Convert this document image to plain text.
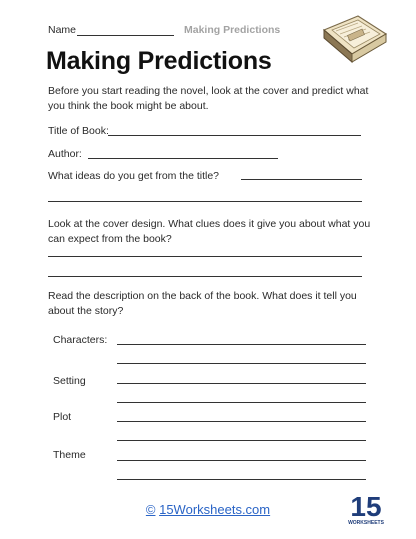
Name	Making Predictions
Making Predictions
Before you start reading the novel, look at the cover and predict what you think the book might be about.
Title of Book:
Author:
What ideas do you get from the title?
Look at the cover design. What clues does it give you about what you can expect from the book?
Read the description on the back of the book. What does it tell you about the story?
Characters:
Setting
Plot
Theme
© 15Worksheets.com	15
WORKSHEETS
